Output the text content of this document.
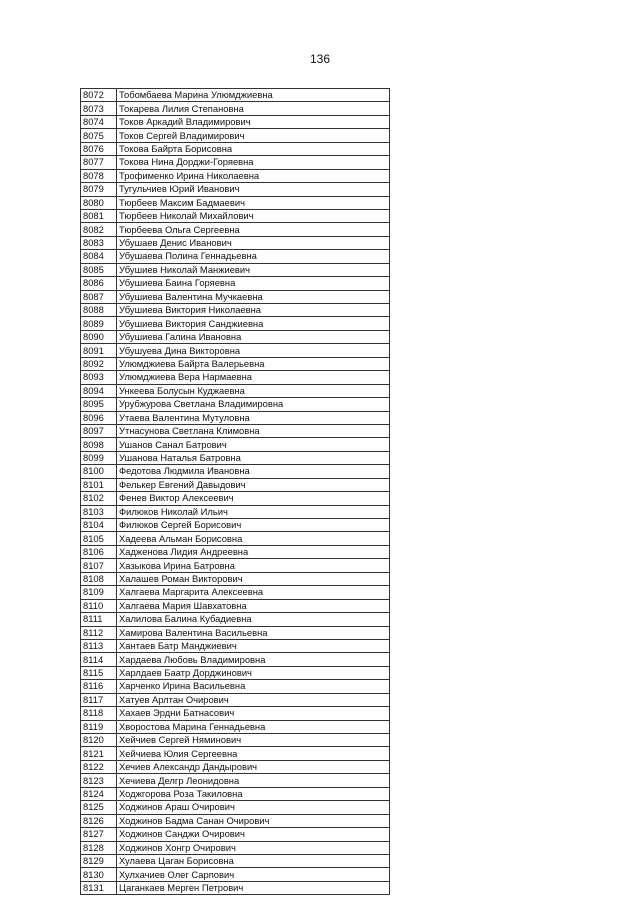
136
8072	Тобомбаева Марина Улюмджиевна
8073	Токарева Лилия Степановна
8074	Токов Аркадий Владимирович
8075	Токов Сергей Владимирович
8076	Токова Байрта Борисовна
8077	Токова Нина Дорджи-Горяевна
8078	Трофименко Ирина Николаевна
8079	Тугульчиев Юрий Иванович
8080	Тюрбеев Максим Бадмаевич
8081	Тюрбеев Николай Михайлович
8082	Тюрбеева Ольга Сергеевна
8083	Убушаев Денис Иванович
8084	Убушаева Полина Геннадьевна
8085	Убушиев Николай Манжиевич
8086	Убушиева Баина Горяевна
8087	Убушиева Валентина Мучкаевна
8088	Убушиева Виктория Николаевна
8089	Убушиева Виктория Санджиевна
8090	Убушиева Галина Ивановна
8091	Убушуева Дина Викторовна
8092	Улюмджиева Байрта Валерьевна
8093	Улюмджиева Вера Нармаевна
8094	Ункеева Болусын Куджаевна
8095	Урубжурова Светлана Владимировна
8096	Утаева Валентина Мутуловна
8097	Утнасунова Светлана Климовна
8098	Ушанов Санал Батрович
8099	Ушанова Наталья Батровна
8100	Федотова Людмила Ивановна
8101	Фелькер Евгений Давыдович
8102	Фенев Виктор Алексеевич
8103	Филюков Николай Ильич
8104	Филюков Сергей Борисович
8105	Хадеева Альман Борисовна
8106	Хадженова Лидия Андреевна
8107	Хазыкова Ирина Батровна
8108	Халашев Роман Викторович
8109	Халгаева Маргарита Алексеевна
8110	Халгаева Мария Шавхатовна
8111	Халилова Балина Кубадиевна
8112	Хамирова Валентина Васильевна
8113	Хантаев Батр Манджиевич
8114	Хардаева Любовь Владимировна
8115	Харлдаев Баатр Дорджинович
8116	Харченко Ирина Васильевна
8117	Хатуев Арлтан Очирович
8118	Хахаев Эрдни Батнасович
8119	Хворостова Марина Геннадьевна
8120	Хейчиев Сергей Няминович
8121	Хейчиева Юлия Сергеевна
8122	Хечиев Александр Дандырович
8123	Хечиева Делгр Леонидовна
8124	Ходжгорова Роза Такиловна
8125	Ходжинов Араш Очирович
8126	Ходжинов Бадма Санан Очирович
8127	Ходжинов Санджи Очирович
8128	Ходжинов Хонгр Очирович
8129	Хулаева Цаган Борисовна
8130	Хулхачиев Олег Сарпович
8131	Цаганкаев Мерген Петрович
